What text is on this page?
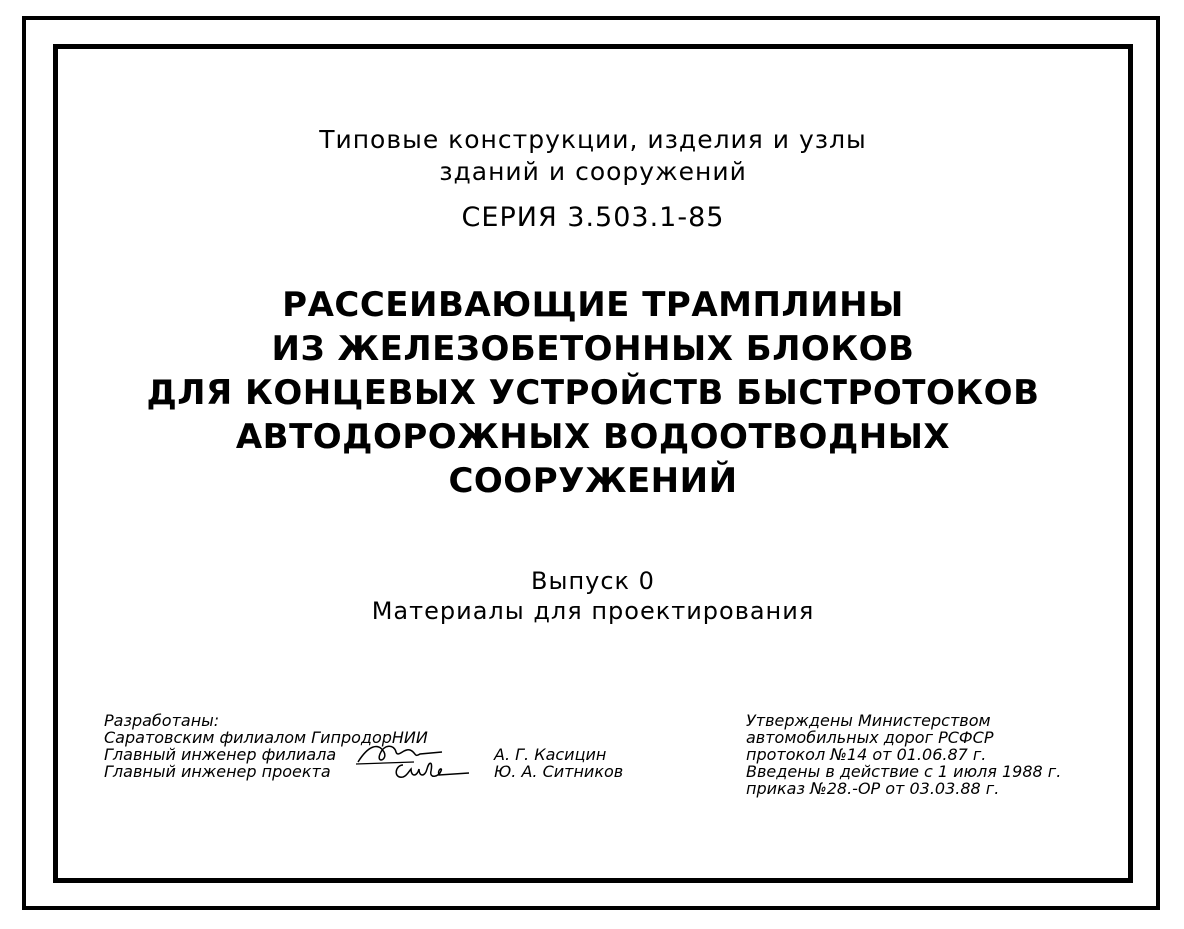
Типовые конструкции, изделия и узлы
зданий и сооружений
СЕРИЯ 3.503.1-85
РАССЕИВАЮЩИЕ ТРАМПЛИНЫ
ИЗ ЖЕЛЕЗОБЕТОННЫХ БЛОКОВ
ДЛЯ КОНЦЕВЫХ УСТРОЙСТВ БЫСТРОТОКОВ
АВТОДОРОЖНЫХ ВОДООТВОДНЫХ
СООРУЖЕНИЙ
Выпуск 0
Материалы для проектирования
Разработаны:
Саратовским филиалом ГипродорНИИ
Главный инженер филиала	А. Г. Касицин
Главный инженер проекта	Ю. А. Ситников
Утверждены Министерством
автомобильных дорог РСФСР
протокол №14 от 01.06.87 г.
Введены в действие с 1 июля 1988 г.
приказ №28.-ОР от 03.03.88 г.
